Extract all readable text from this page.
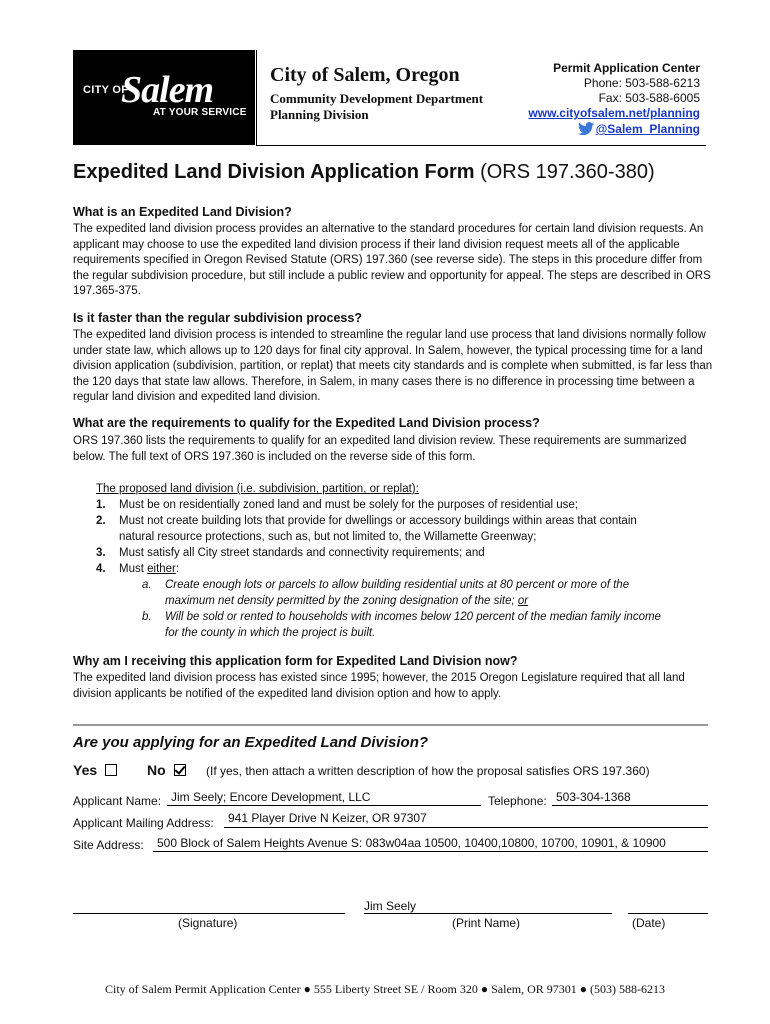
CITY OF
Salem
AT YOUR SERVICE
City of Salem, Oregon
Community Development Department
Planning Division
Permit Application Center
Phone: 503-588-6213
Fax: 503-588-6005
www.cityofsalem.net/planning
@Salem_Planning
Expedited Land Division Application Form (ORS 197.360-380)
What is an Expedited Land Division?
The expedited land division process provides an alternative to the standard procedures for certain land division requests. An applicant may choose to use the expedited land division process if their land division request meets all of the applicable requirements specified in Oregon Revised Statute (ORS) 197.360 (see reverse side). The steps in this procedure differ from the regular subdivision procedure, but still include a public review and opportunity for appeal. The steps are described in ORS 197.365-375.
Is it faster than the regular subdivision process?
The expedited land division process is intended to streamline the regular land use process that land divisions normally follow under state law, which allows up to 120 days for final city approval. In Salem, however, the typical processing time for a land division application (subdivision, partition, or replat) that meets city standards and is complete when submitted, is far less than the 120 days that state law allows. Therefore, in Salem, in many cases there is no difference in processing time between a regular land division and expedited land division.
What are the requirements to qualify for the Expedited Land Division process?
ORS 197.360 lists the requirements to qualify for an expedited land division review. These requirements are summarized below. The full text of ORS 197.360 is included on the reverse side of this form.
The proposed land division (i.e. subdivision, partition, or replat):
1. Must be on residentially zoned land and must be solely for the purposes of residential use;
2. Must not create building lots that provide for dwellings or accessory buildings within areas that contain
natural resource protections, such as, but not limited to, the Willamette Greenway;
3. Must satisfy all City street standards and connectivity requirements; and
4. Must either:
a. Create enough lots or parcels to allow building residential units at 80 percent or more of the
maximum net density permitted by the zoning designation of the site; or
b. Will be sold or rented to households with incomes below 120 percent of the median family income
for the county in which the project is built.
Why am I receiving this application form for Expedited Land Division now?
The expedited land division process has existed since 1995; however, the 2015 Oregon Legislature required that all land division applicants be notified of the expedited land division option and how to apply.
Are you applying for an Expedited Land Division?
Yes	No	(If yes, then attach a written description of how the proposal satisfies ORS 197.360)
Applicant Name: Jim Seely; Encore Development, LLC	Telephone: 503-304-1368
Applicant Mailing Address: 941 Player Drive N Keizer, OR 97307
Site Address: 500 Block of Salem Heights Avenue S: 083w04aa 10500, 10400,10800, 10700, 10901, & 10900
Jim Seely
(Signature)	(Print Name)	(Date)
City of Salem Permit Application Center ● 555 Liberty Street SE / Room 320 ● Salem, OR 97301 ● (503) 588-6213
